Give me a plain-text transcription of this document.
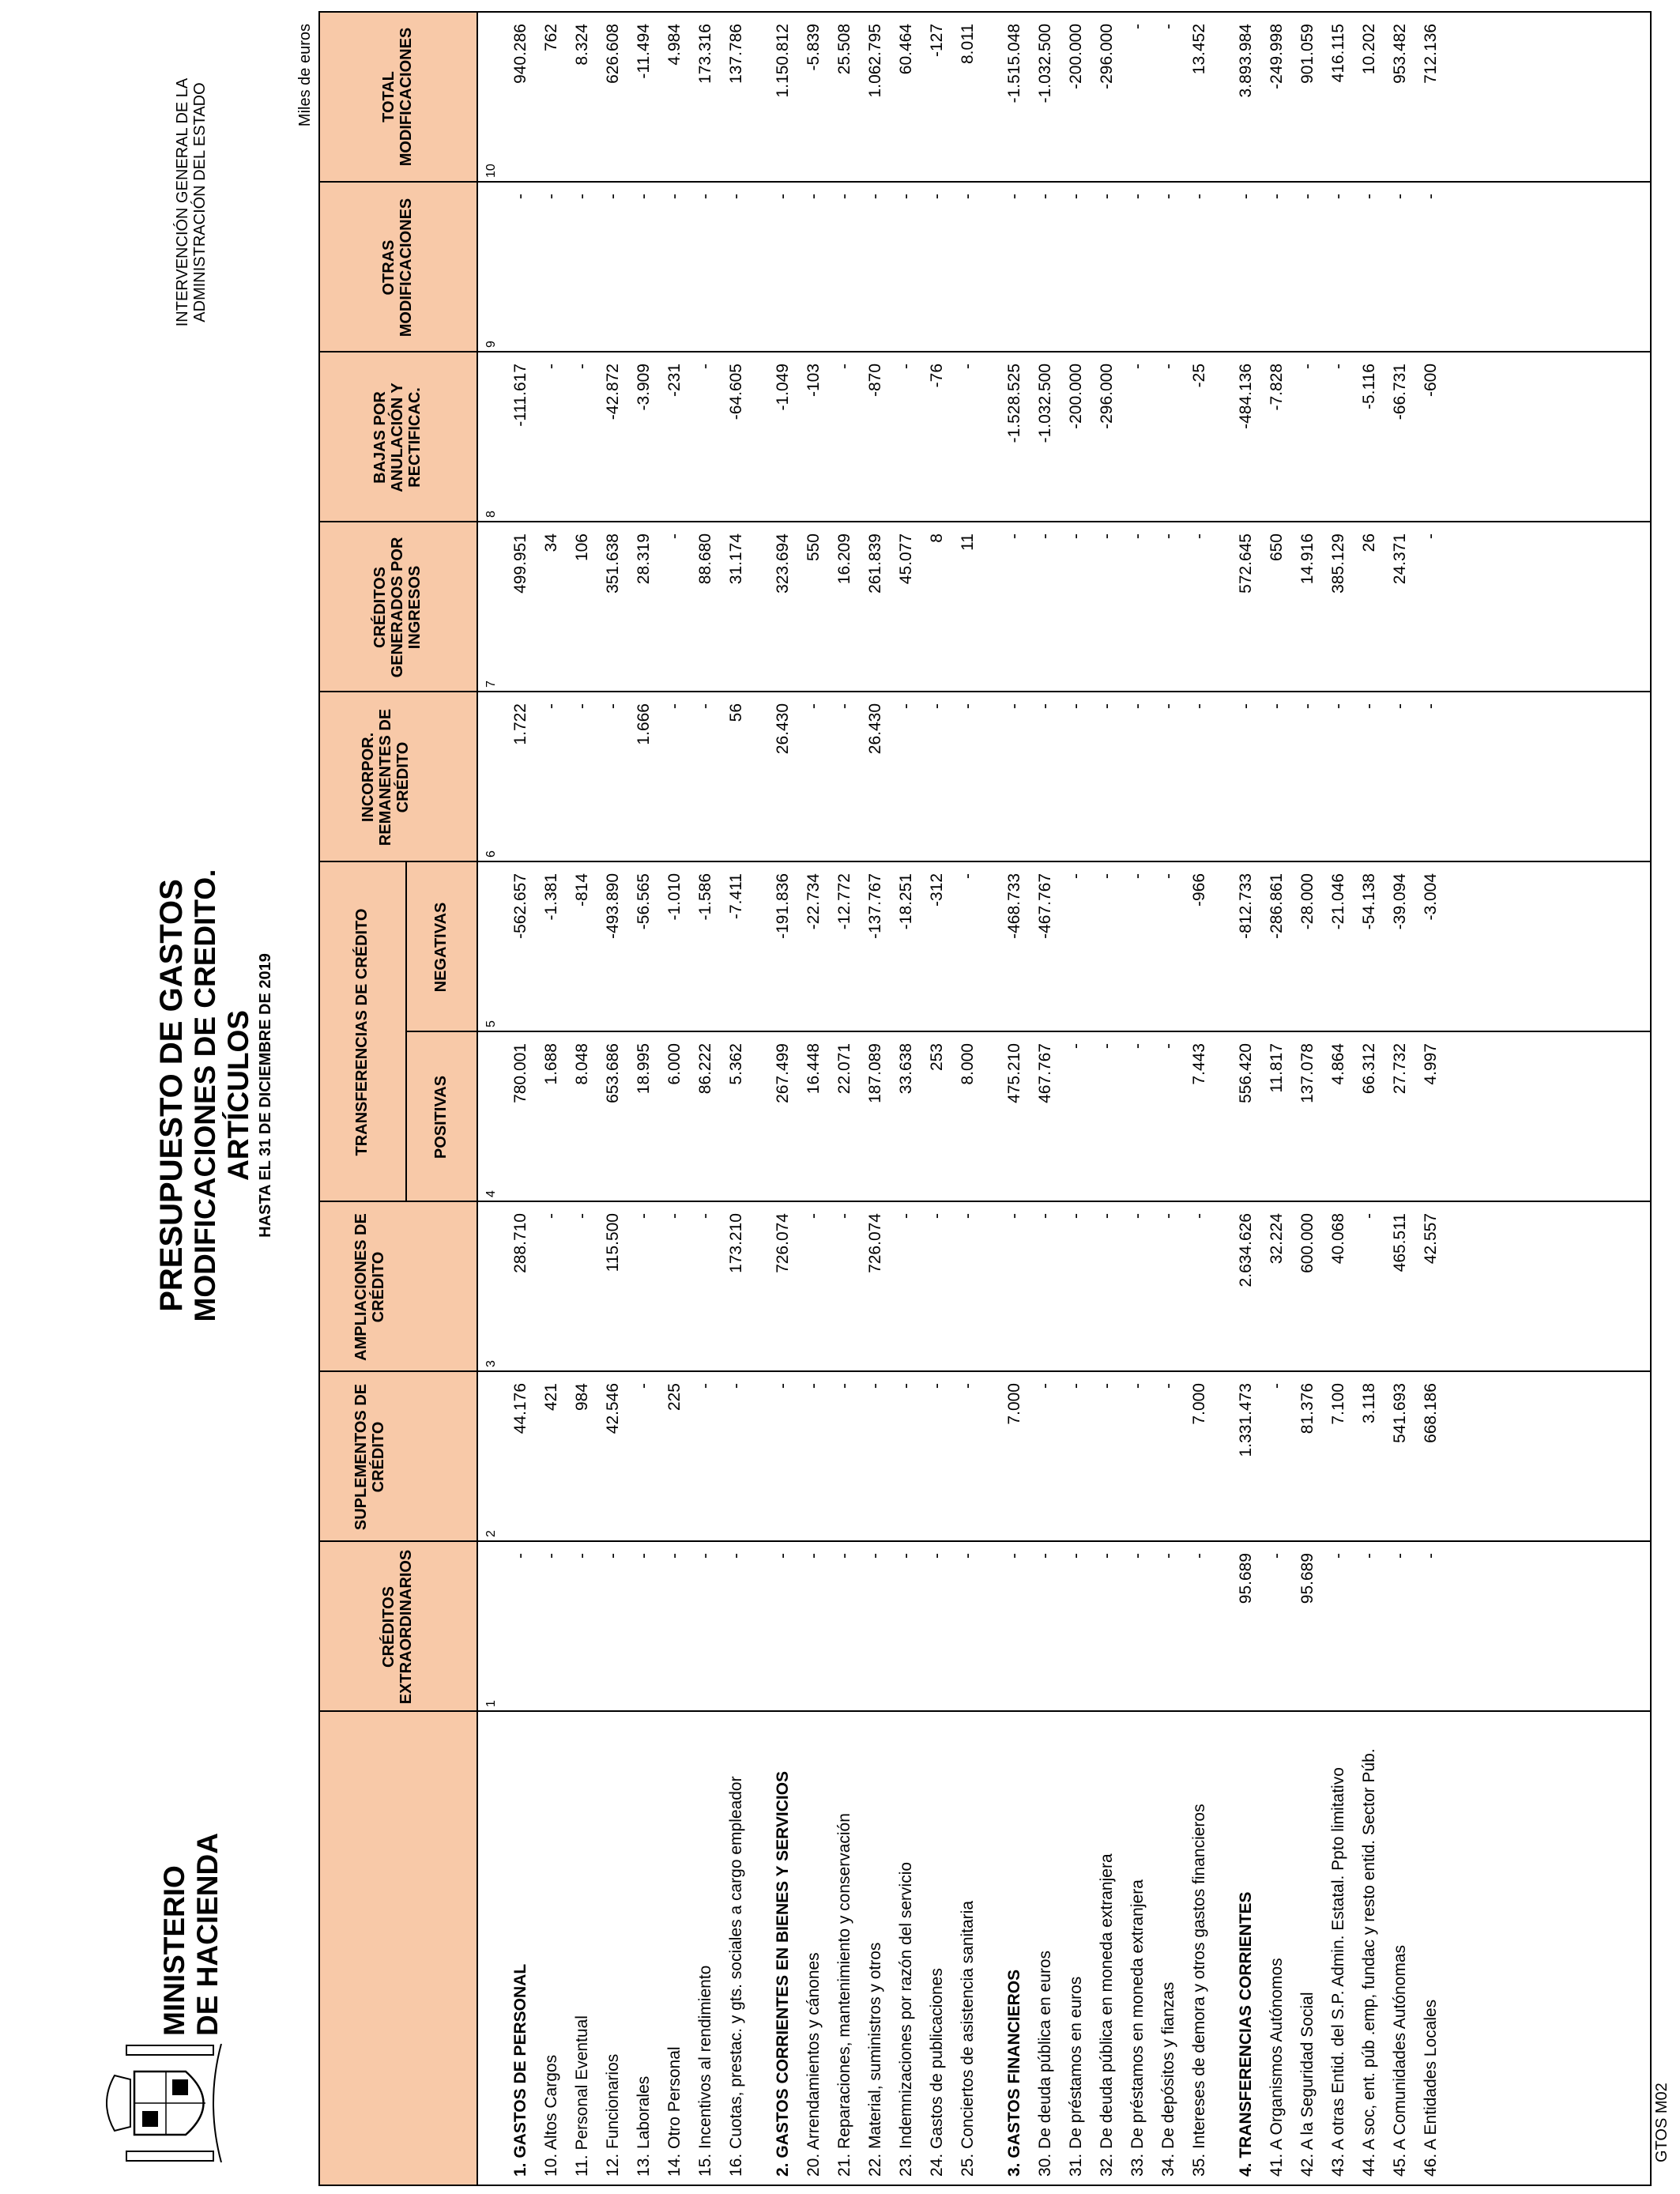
MINISTERIO DE HACIENDA
PRESUPUESTO DE GASTOS MODIFICACIONES DE CREDITO. ARTÍCULOS HASTA EL 31 DE DICIEMBRE DE 2019
INTERVENCIÓN GENERAL DE LA ADMINISTRACIÓN DEL ESTADO
Miles de euros
CRÉDITOS EXTRAORDINARIOS
SUPLEMENTOS DE CRÉDITO
AMPLIACIONES DE CRÉDITO
TRANSFERENCIAS DE CRÉDITO	POSITIVAS
NEGATIVAS
INCORPOR. REMANENTES DE CRÉDITO
CRÉDITOS GENERADOS POR INGRESOS
BAJAS POR ANULACIÓN Y RECTIFICAC.
OTRAS MODIFICACIONES
TOTAL MODIFICACIONES
1
2
3
4
5
6
7
8
9
10
1. GASTOS DE PERSONAL
-
44.176
288.710
780.001
-562.657
1.722
499.951
-111.617
-
940.286
10. Altos Cargos
-
421
-
1.688
-1.381
-
34
-
-
762
11. Personal Eventual
-
984
-
8.048
-814
-
106
-
-
8.324
12. Funcionarios
-
42.546
115.500
653.686
-493.890
-
351.638
-42.872
-
626.608
13. Laborales
-
-
-
18.995
-56.565
1.666
28.319
-3.909
-
-11.494
14. Otro Personal
-
225
-
6.000
-1.010
-
-
-231
-
4.984
15. Incentivos al rendimiento
-
-
-
86.222
-1.586
-
88.680
-
-
173.316
16. Cuotas, prestac. y gts. sociales a cargo empleador
-
-
173.210
5.362
-7.411
56
31.174
-64.605
-
137.786
2. GASTOS CORRIENTES EN BIENES Y SERVICIOS
-
-
726.074
267.499
-191.836
26.430
323.694
-1.049
-
1.150.812
20. Arrendamientos y cánones
-
-
-
16.448
-22.734
-
550
-103
-
-5.839
21. Reparaciones, mantenimiento y conservación
-
-
-
22.071
-12.772
-
16.209
-
-
25.508
22. Material, suministros y otros
-
-
726.074
187.089
-137.767
26.430
261.839
-870
-
1.062.795
23. Indemnizaciones por razón del servicio
-
-
-
33.638
-18.251
-
45.077
-
-
60.464
24. Gastos de publicaciones
-
-
-
253
-312
-
8
-76
-
-127
25. Conciertos de asistencia sanitaria
-
-
-
8.000
-
-
11
-
-
8.011
3. GASTOS FINANCIEROS
-
7.000
-
475.210
-468.733
-
-
-1.528.525
-
-1.515.048
30. De deuda pública en euros
-
-
-
467.767
-467.767
-
-
-1.032.500
-
-1.032.500
31. De préstamos en euros
-
-
-
-
-
-
-
-200.000
-
-200.000
32. De deuda pública en moneda extranjera
-
-
-
-
-
-
-
-296.000
-
-296.000
33. De préstamos en moneda extranjera
-
-
-
-
-
-
-
-
-
-
34. De depósitos y fianzas
-
-
-
-
-
-
-
-
-
-
35. Intereses de demora y otros gastos financieros
-
7.000
-
7.443
-966
-
-
-25
-
13.452
4. TRANSFERENCIAS CORRIENTES
95.689
1.331.473
2.634.626
556.420
-812.733
-
572.645
-484.136
-
3.893.984
41. A Organismos Autónomos
-
-
32.224
11.817
-286.861
-
650
-7.828
-
-249.998
42. A la Seguridad Social
95.689
81.376
600.000
137.078
-28.000
-
14.916
-
-
901.059
43. A otras Entid. del S.P. Admin. Estatal. Ppto limitativo
-
7.100
40.068
4.864
-21.046
-
385.129
-
-
416.115
44. A soc, ent. púb .emp, fundac y resto entid. Sector Púb.
-
3.118
-
66.312
-54.138
-
26
-5.116
-
10.202
45. A Comunidades Autónomas
-
541.693
465.511
27.732
-39.094
-
24.371
-66.731
-
953.482
46. A Entidades Locales
-
668.186
42.557
4.997
-3.004
-
-
-600
-
712.136
GTOS M02
